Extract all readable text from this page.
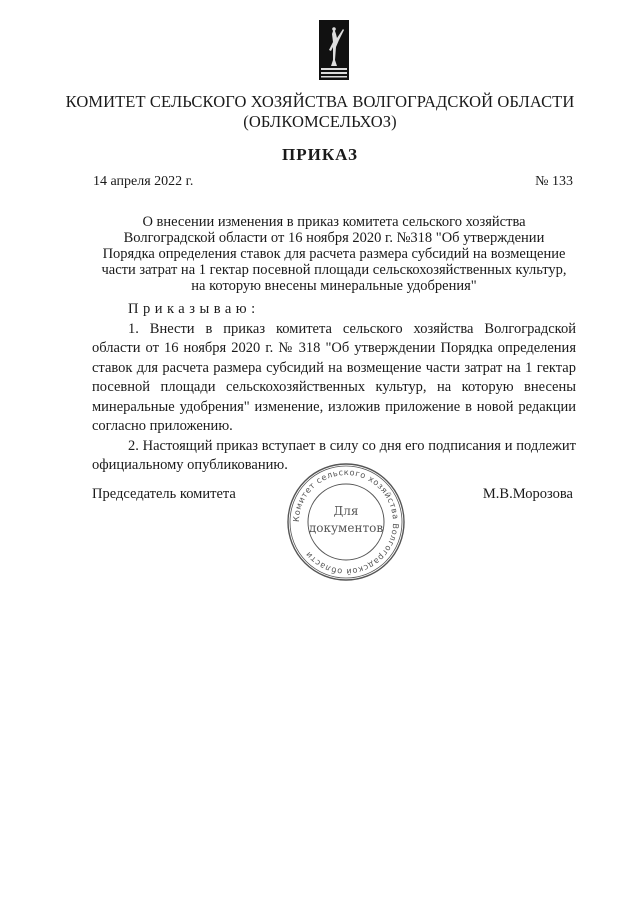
КОМИТЕТ СЕЛЬСКОГО ХОЗЯЙСТВА ВОЛГОГРАДСКОЙ ОБЛАСТИ
(ОБЛКОМСЕЛЬХОЗ)
ПРИКАЗ
14 апреля 2022 г.	№ 133
О внесении изменения в приказ комитета сельского хозяйства
Волгоградской области от 16 ноября 2020 г. №318 "Об утверждении
Порядка определения ставок для расчета размера субсидий на возмещение
части затрат на 1 гектар посевной площади сельскохозяйственных культур,
на которую внесены минеральные удобрения"
Приказываю:

1. Внести в приказ комитета сельского хозяйства Волгоградской области от 16 ноября 2020 г. № 318 "Об утверждении Порядка определения ставок для расчета размера субсидий на возмещение части затрат на 1 гектар посевной площади сельскохозяйственных культур, на которую внесены минеральные удобрения" изменение, изложив приложение в новой редакции согласно приложению.

2. Настоящий приказ вступает в силу со дня его подписания и подлежит официальному опубликованию.

Председатель комитета	М.В.Морозова
Комитет сельского хозяйства Волгоградской области
Для
документов
